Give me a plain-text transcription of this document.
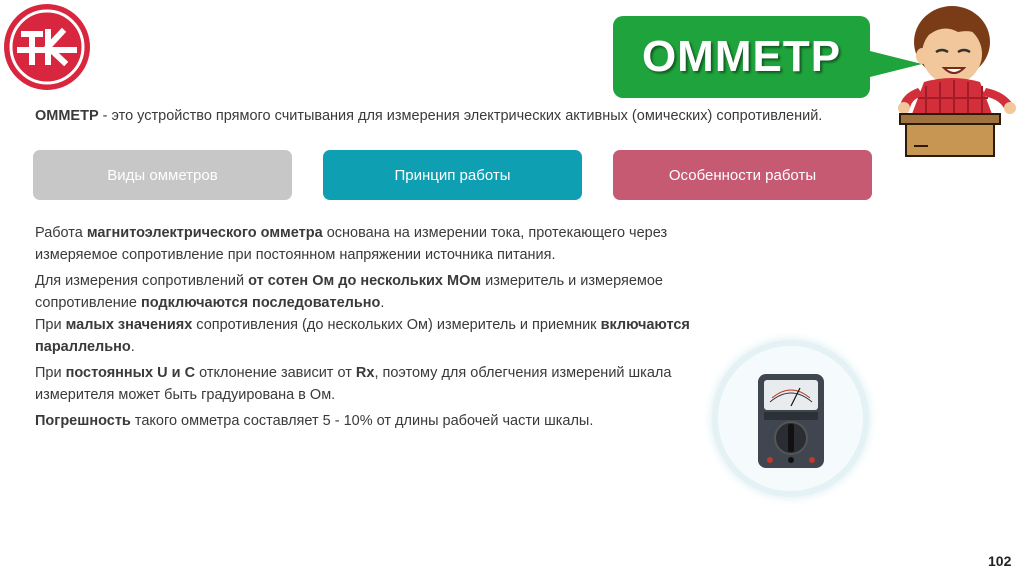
ОММЕТР
ОММЕТР - это устройство прямого считывания для измерения электрических активных (омических) сопротивлений.
Виды омметров	Принцип работы	Особенности работы

Работа магнитоэлектрического омметра основана на измерении тока, протекающего через измеряемое сопротивление при постоянном напряжении источника питания.

Для измерения сопротивлений от сотен Ом до нескольких МОм измеритель и измеряемое сопротивление подключаются последовательно.
При малых значениях сопротивления (до нескольких Ом) измеритель и приемник включаются параллельно.

При постоянных U и C отклонение зависит от Rx, поэтому для облегчения измерений шкала измерителя может быть градуирована в Ом.

Погрешность такого омметра составляет 5 - 10% от длины рабочей части шкалы.

102
